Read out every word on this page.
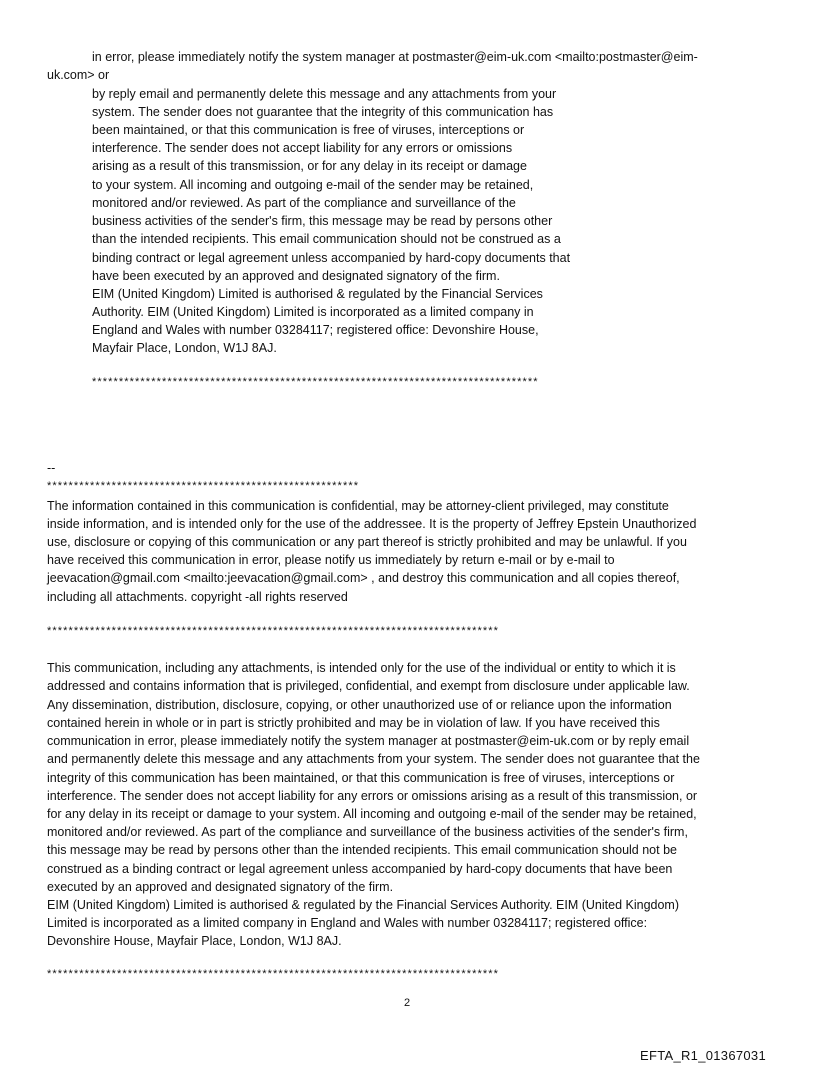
in error, please immediately notify the system manager at postmaster@eim-uk.com <mailto:postmaster@eim-
uk.com> or
by reply email and permanently delete this message and any attachments from your
system. The sender does not guarantee that the integrity of this communication has
been maintained, or that this communication is free of viruses, interceptions or
interference. The sender does not accept liability for any errors or omissions
arising as a result of this transmission, or for any delay in its receipt or damage
to your system. All incoming and outgoing e-mail of the sender may be retained,
monitored and/or reviewed. As part of the compliance and surveillance of the
business activities of the sender's firm, this message may be read by persons other
than the intended recipients. This email communication should not be construed as a
binding contract or legal agreement unless accompanied by hard-copy documents that
have been executed by an approved and designated signatory of the firm.
EIM (United Kingdom) Limited is authorised & regulated by the Financial Services
Authority. EIM (United Kingdom) Limited is incorporated as a limited company in
England and Wales with number 03284117; registered office: Devonshire House,
Mayfair Place, London, W1J 8AJ.
***********************************************************************************
--
**********************************************************
The information contained in this communication is confidential, may be attorney-client privileged, may constitute
inside information, and is intended only for the use of the addressee. It is the property of Jeffrey Epstein Unauthorized
use, disclosure or copying of this communication or any part thereof is strictly prohibited and may be unlawful. If you
have received this communication in error, please notify us immediately by return e-mail or by e-mail to
jeevacation@gmail.com <mailto:jeevacation@gmail.com> , and destroy this communication and all copies thereof,
including all attachments. copyright -all rights reserved
************************************************************************************
This communication, including any attachments, is intended only for the use of the individual or entity to which it is
addressed and contains information that is privileged, confidential, and exempt from disclosure under applicable law.
Any dissemination, distribution, disclosure, copying, or other unauthorized use of or reliance upon the information
contained herein in whole or in part is strictly prohibited and may be in violation of law. If you have received this
communication in error, please immediately notify the system manager at postmaster@eim-uk.com or by reply email
and permanently delete this message and any attachments from your system. The sender does not guarantee that the
integrity of this communication has been maintained, or that this communication is free of viruses, interceptions or
interference. The sender does not accept liability for any errors or omissions arising as a result of this transmission, or
for any delay in its receipt or damage to your system. All incoming and outgoing e-mail of the sender may be retained,
monitored and/or reviewed. As part of the compliance and surveillance of the business activities of the sender's firm,
this message may be read by persons other than the intended recipients. This email communication should not be
construed as a binding contract or legal agreement unless accompanied by hard-copy documents that have been
executed by an approved and designated signatory of the firm.
EIM (United Kingdom) Limited is authorised & regulated by the Financial Services Authority. EIM (United Kingdom)
Limited is incorporated as a limited company in England and Wales with number 03284117; registered office:
Devonshire House, Mayfair Place, London, W1J 8AJ.
************************************************************************************
2
EFTA_R1_01367031
